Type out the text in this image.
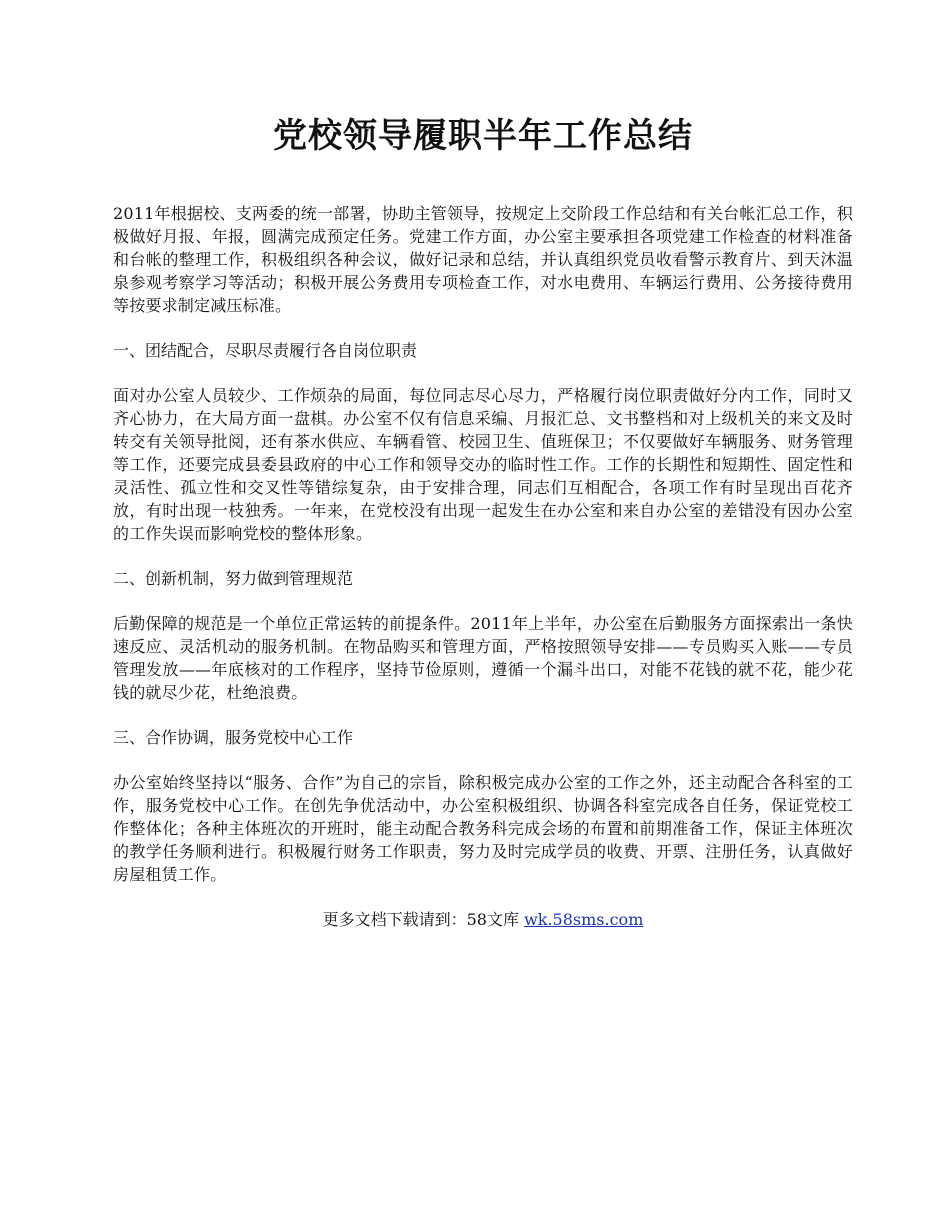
党校领导履职半年工作总结

2011年根据校、支两委的统一部署，协助主管领导，按规定上交阶段工作总结和有关台帐汇总工作，积极做好月报、年报，圆满完成预定任务。党建工作方面，办公室主要承担各项党建工作检查的材料准备和台帐的整理工作，积极组织各种会议，做好记录和总结，并认真组织党员收看警示教育片、到天沐温泉参观考察学习等活动；积极开展公务费用专项检查工作，对水电费用、车辆运行费用、公务接待费用等按要求制定减压标准。

一、团结配合，尽职尽责履行各自岗位职责

面对办公室人员较少、工作烦杂的局面，每位同志尽心尽力，严格履行岗位职责做好分内工作，同时又齐心协力，在大局方面一盘棋。办公室不仅有信息采编、月报汇总、文书整档和对上级机关的来文及时转交有关领导批阅，还有茶水供应、车辆看管、校园卫生、值班保卫；不仅要做好车辆服务、财务管理等工作，还要完成县委县政府的中心工作和领导交办的临时性工作。工作的长期性和短期性、固定性和灵活性、孤立性和交叉性等错综复杂，由于安排合理，同志们互相配合，各项工作有时呈现出百花齐放，有时出现一枝独秀。一年来，在党校没有出现一起发生在办公室和来自办公室的差错没有因办公室的工作失误而影响党校的整体形象。

二、创新机制，努力做到管理规范

后勤保障的规范是一个单位正常运转的前提条件。2011年上半年，办公室在后勤服务方面探索出一条快速反应、灵活机动的服务机制。在物品购买和管理方面，严格按照领导安排——专员购买入账——专员管理发放——年底核对的工作程序，坚持节俭原则，遵循一个漏斗出口，对能不花钱的就不花，能少花钱的就尽少花，杜绝浪费。

三、合作协调，服务党校中心工作

办公室始终坚持以“服务、合作”为自己的宗旨，除积极完成办公室的工作之外，还主动配合各科室的工作，服务党校中心工作。在创先争优活动中，办公室积极组织、协调各科室完成各自任务，保证党校工作整体化；各种主体班次的开班时，能主动配合教务科完成会场的布置和前期准备工作，保证主体班次的教学任务顺利进行。积极履行财务工作职责，努力及时完成学员的收费、开票、注册任务，认真做好房屋租赁工作。

更多文档下载请到：58文库 wk.58sms.com
